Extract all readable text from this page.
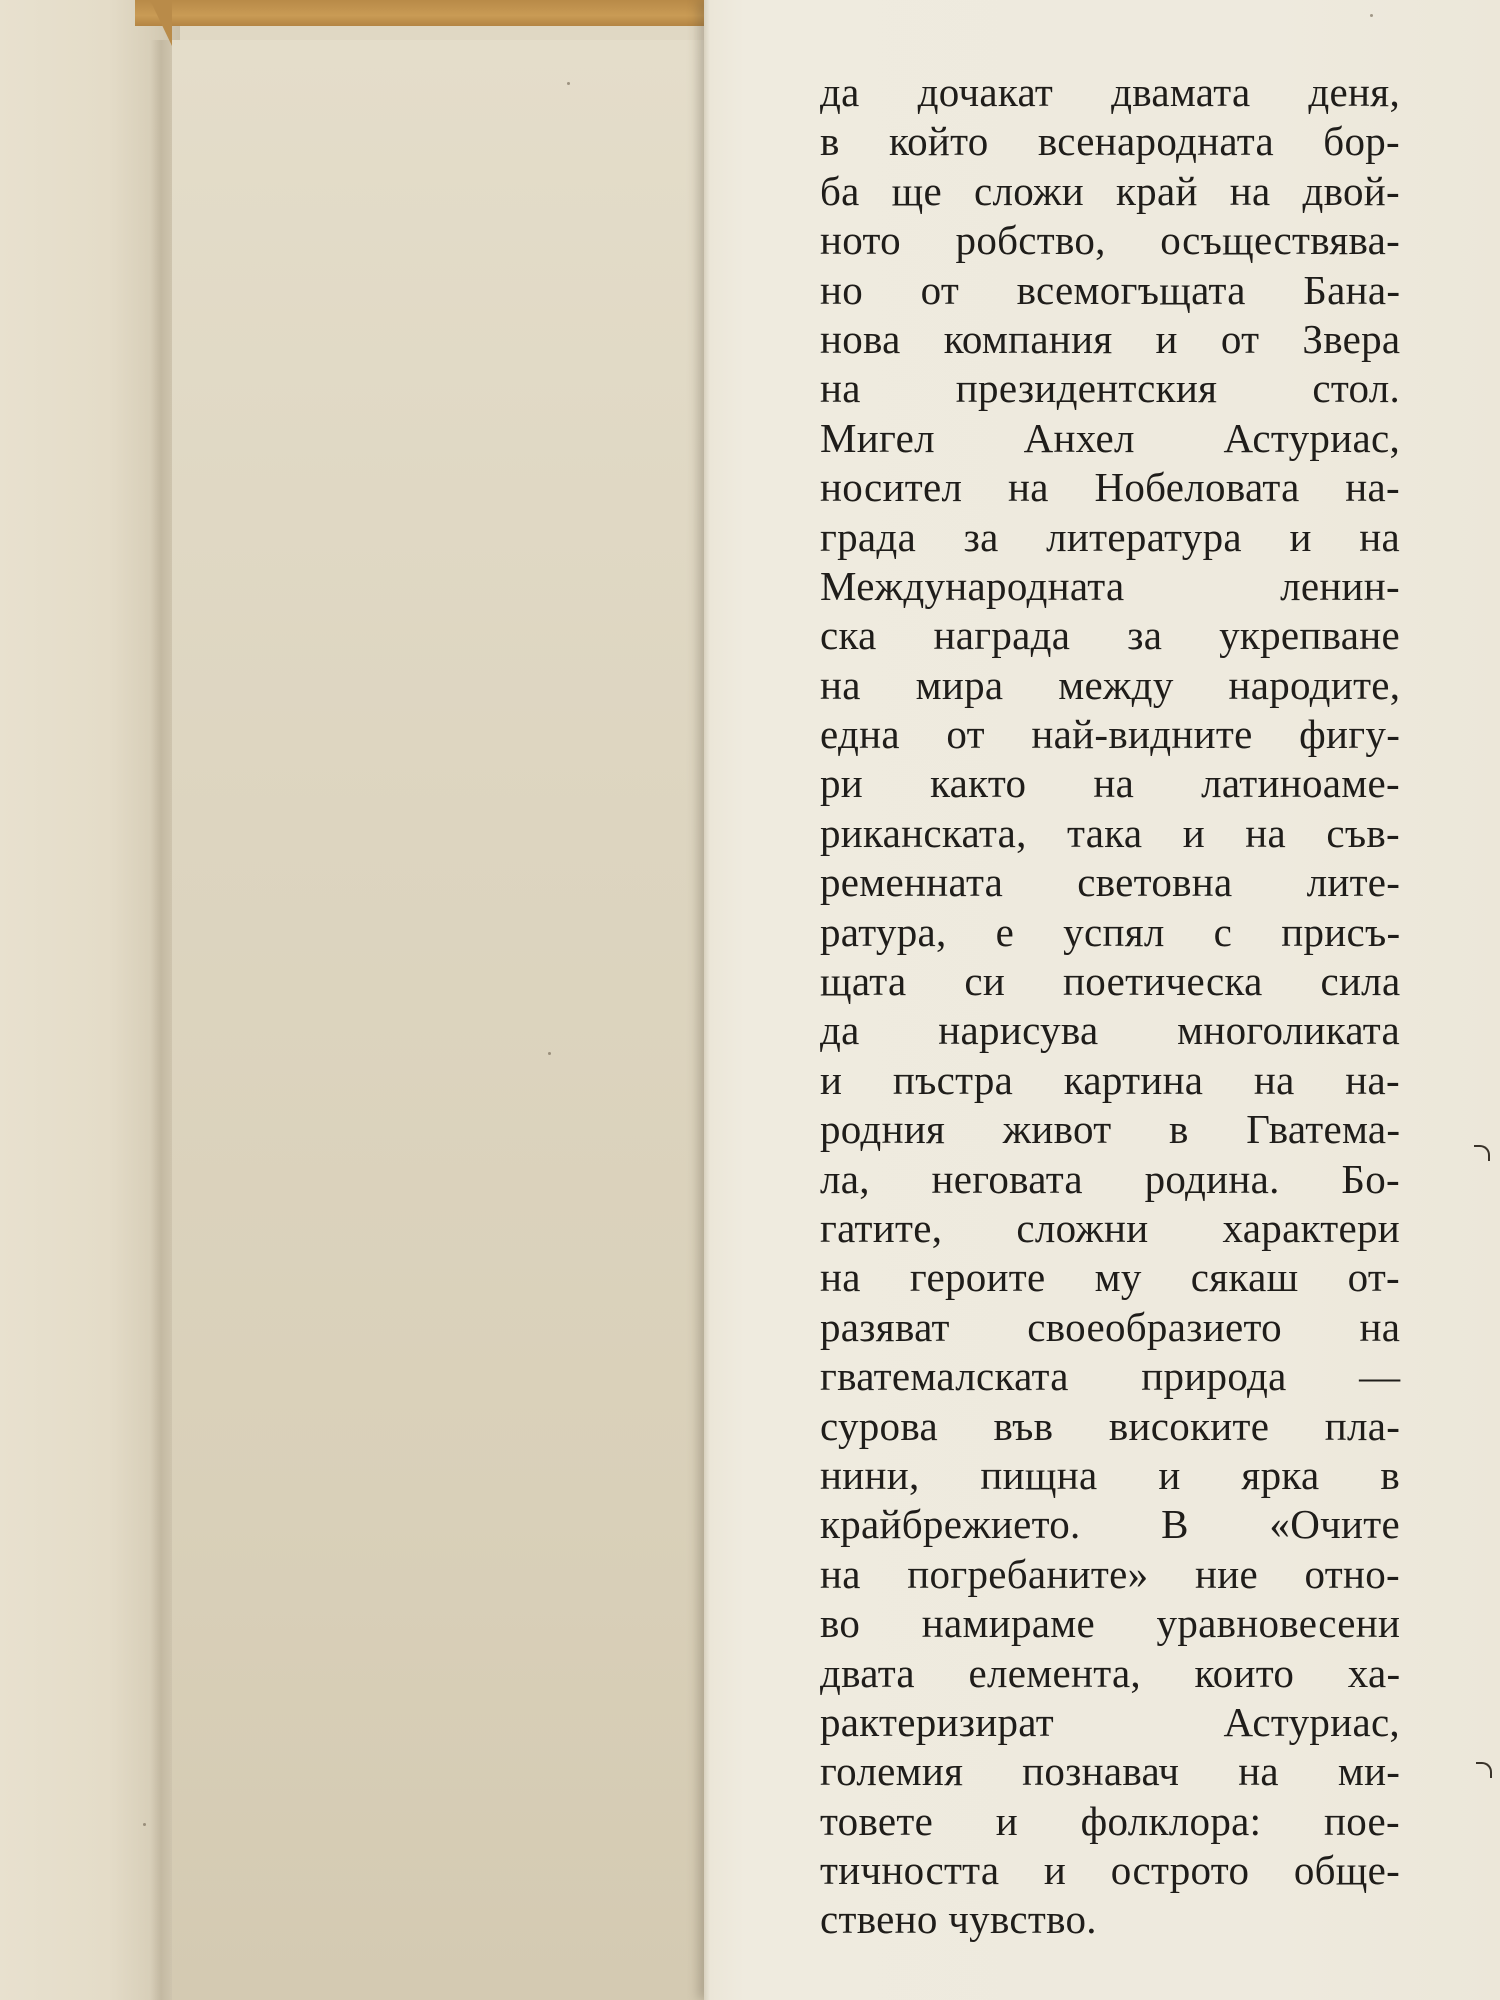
да дочакат двамата деня,
в който всенародната бор-
ба ще сложи край на двой-
ното робство, осъществява-
но от всемогъщата Бана-
нова компания и от Звера
на президентския стол.
Мигел Анхел Астуриас,
носител на Нобеловата на-
града за литература и на
Международната ленин-
ска награда за укрепване
на мира между народите,
една от най-видните фигу-
ри както на латиноаме-
риканската, така и на съв-
ременната световна лите-
ратура, е успял с присъ-
щата си поетическа сила
да нарисува многоликата
и пъстра картина на на-
родния живот в Гватема-
ла, неговата родина. Бо-
гатите, сложни характери
на героите му сякаш от-
разяват своеобразието на
гватемалската природа —
сурова във високите пла-
нини, пищна и ярка в
крайбрежието. В «Очите
на погребаните» ние отно-
во намираме уравновесени
двата елемента, които ха-
рактеризират Астуриас,
големия познавач на ми-
товете и фолклора: пое-
тичността и острото обще-
ствено чувство.
